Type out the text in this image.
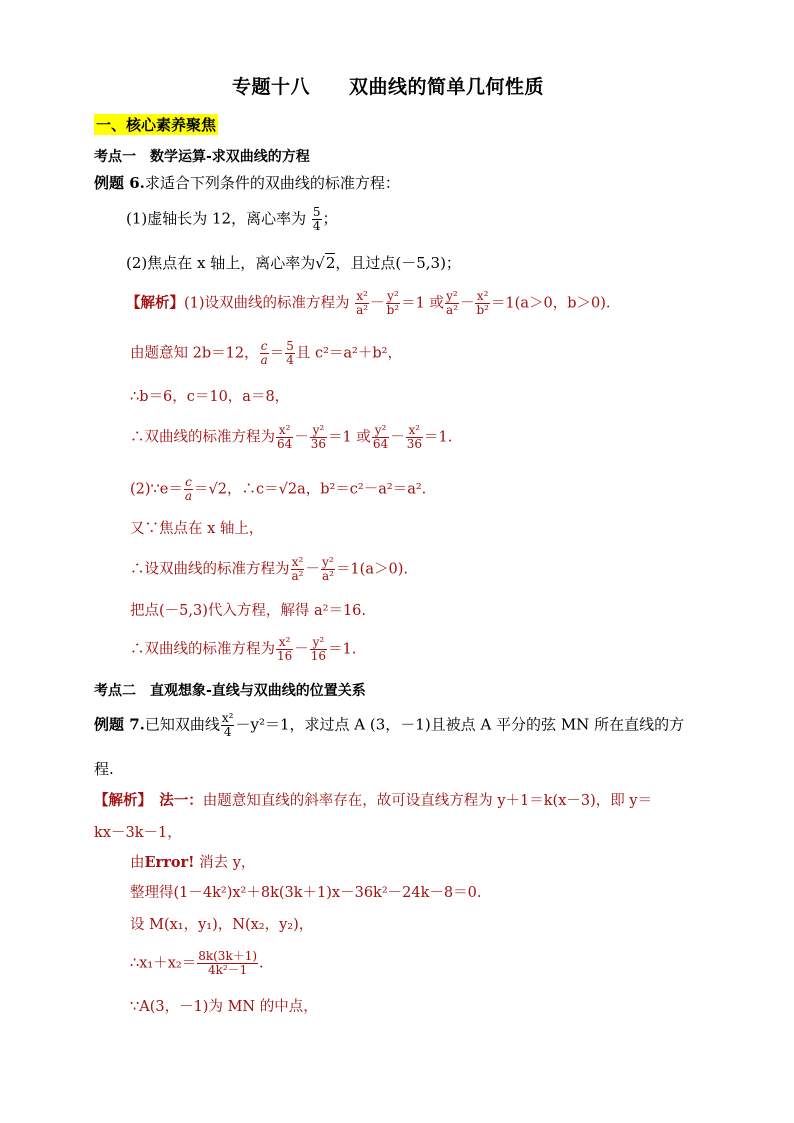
专题十八　　双曲线的简单几何性质
一、核心素养聚焦
考点一　数学运算-求双曲线的方程
例题 6.求适合下列条件的双曲线的标准方程：
(1)虚轴长为 12，离心率为 $\frac{5}{4}$ ；
(2)焦点在 x 轴上，离心率为√2，且过点(－5,3)；
【解析】(1)设双曲线的标准方程为 $\frac{\text{x²}}{\text{a²}} - \frac{\text{y²}}{\text{b²}} =1$ 或 $\frac{\text{y²}}{\text{a²}} - \frac{\text{x²}}{\text{b²}} =1(a>0$，b＞0).
由题意知 2b＝12， $\frac{c}{a} = \frac{5}{4}$ 且 c²＝a²＋b²，
∴b＝6，c＝10，a＝8，
∴双曲线的标准方程为 $\frac{\text{x²}}{64} - \frac{\text{y²}}{36} =1$ 或 $\frac{\text{y²}}{64} - \frac{\text{x²}}{36} =1$.
(2)∵e＝ $\frac{c}{a} =√2$，∴c＝√2a，b²＝c²－a²＝a².
又∵焦点在 x 轴上，
∴设双曲线的标准方程为 $\frac{\text{x²}}{\text{a²}} - \frac{\text{y²}}{\text{a²}} =1(a>0)$.
把点(－5,3)代入方程，解得 a²＝16.
∴双曲线的标准方程为 $\frac{\text{x²}}{16} - \frac{\text{y²}}{16} =1$.
考点二　直观想象-直线与双曲线的位置关系
例题 7.已知双曲线 $\frac{\text{x²}}{4} -y^2=1$，求过点 A (3，－1)且被点 A 平分的弦 MN 所在直线的方
程.
【解析】　 法一：由题意知直线的斜率存在，故可设直线方程为 y＋1＝k(x－3)，即 y＝
kx－3k－1，
由Error! 消去 y，
整理得(1－4k²)x²＋8k(3k＋1)x－36k²－24k－8＝0.
设 M(x₁，y₁)，N(x₂，y₂)，
∴x₁＋x₂＝ $\frac{8k(3k+1)}{\text{4k²－1}}$ .
∵A(3，－1)为 MN 的中点，
